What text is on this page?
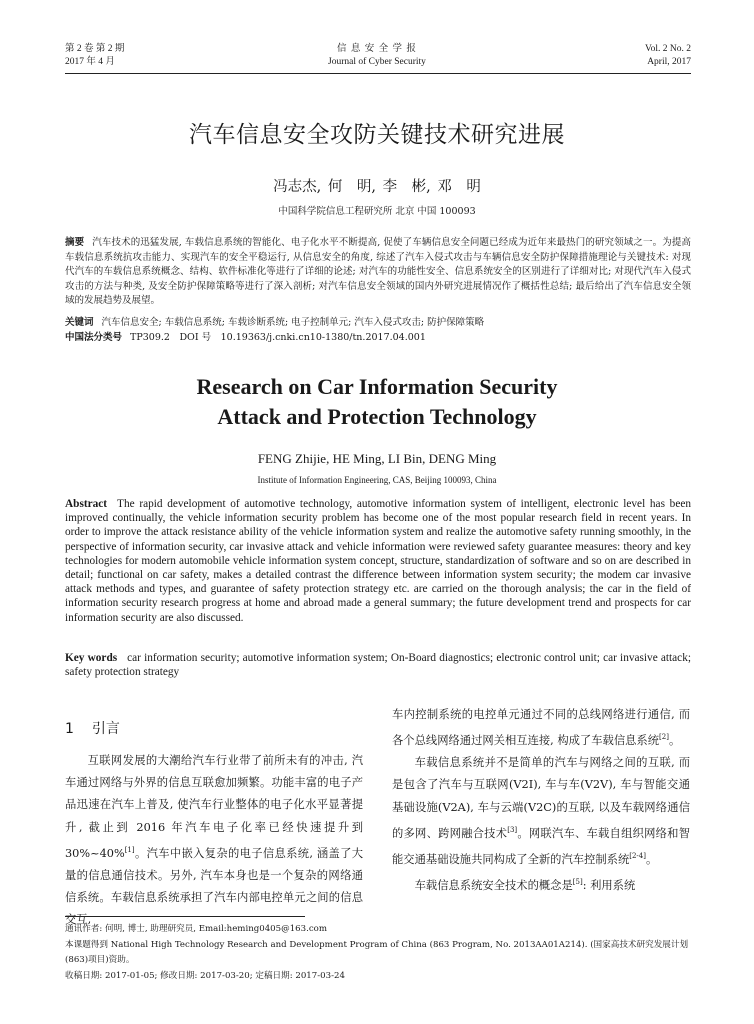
第 2 卷 第 2 期
2017 年 4 月
信 息 安 全 学 报
Journal of Cyber Security
Vol. 2 No. 2
April, 2017
汽车信息安全攻防关键技术研究进展
冯志杰, 何　明, 李　彬, 邓　明
中国科学院信息工程研究所 北京 中国 100093
摘要 汽车技术的迅猛发展, 车载信息系统的智能化、电子化水平不断提高, 促使了车辆信息安全问题已经成为近年来最热门的研究领域之一。为提高车载信息系统抗攻击能力、实现汽车的安全平稳运行, 从信息安全的角度, 综述了汽车入侵式攻击与车辆信息安全防护保障措施理论与关键技术: 对现代汽车的车载信息系统概念、结构、软件标准化等进行了详细的论述; 对汽车的功能性安全、信息系统安全的区别进行了详细对比; 对现代汽车入侵式攻击的方法与种类, 及安全防护保障策略等进行了深入剖析; 对汽车信息安全领域的国内外研究进展情况作了概括性总结; 最后给出了汽车信息安全领域的发展趋势及展望。
关键词 汽车信息安全; 车载信息系统; 车载诊断系统; 电子控制单元; 汽车入侵式攻击; 防护保障策略
中国法分类号 TP309.2　DOI 号　10.19363/j.cnki.cn10-1380/tn.2017.04.001
Research on Car Information Security
Attack and Protection Technology
FENG Zhijie, HE Ming, LI Bin, DENG Ming
Institute of Information Engineering, CAS, Beijing 100093, China
Abstract The rapid development of automotive technology, automotive information system of intelligent, electronic level has been improved continually, the vehicle information security problem has become one of the most popular research field in recent years. In order to improve the attack resistance ability of the vehicle information system and realize the automotive safety running smoothly, in the perspective of information security, car invasive attack and vehicle information were reviewed safety guarantee measures: theory and key technologies for modern automobile vehicle information system concept, structure, standardization of software and so on are described in detail; functional on car safety, makes a detailed contrast the difference between information system security; the modem car invasive attack methods and types, and guarantee of safety protection strategy etc. are carried on the thorough analysis; the car in the field of information security research progress at home and abroad made a general summary; the future development trend and prospects for car information security are also discussed.
Key words car information security; automotive information system; On-Board diagnostics; electronic control unit; car invasive attack; safety protection strategy
1 引言

互联网发展的大潮给汽车行业带了前所未有的冲击, 汽车通过网络与外界的信息互联愈加频繁。功能丰富的电子产品迅速在汽车上普及, 使汽车行业整体的电子化水平显著提升, 截止到 2016 年汽车电子化率已经快速提升到 30%~40%[1]。汽车中嵌入复杂的电子信息系统, 涵盖了大量的信息通信技术。另外, 汽车本身也是一个复杂的网络通信系统。车载信息系统承担了汽车内部电控单元之间的信息交互,

车内控制系统的电控单元通过不同的总线网络进行通信, 而各个总线网络通过网关相互连接, 构成了车载信息系统[2]。

车载信息系统并不是简单的汽车与网络之间的互联, 而是包含了汽车与互联网(V2I), 车与车(V2V), 车与智能交通基础设施(V2A), 车与云端(V2C)的互联, 以及车载网络通信的多网、跨网融合技术[3]。网联汽车、车载自组织网络和智能交通基础设施共同构成了全新的汽车控制系统[2-4]。

车载信息系统安全技术的概念是[5]: 利用系统

通讯作者: 何明, 博士, 助理研究员, Email:heming0405@163.com

本课题得到 National High Technology Research and Development Program of China (863 Program, No. 2013AA01A214). (国家高技术研究发展计划(863)项目)资助。

收稿日期: 2017-01-05; 修改日期: 2017-03-20; 定稿日期: 2017-03-24
